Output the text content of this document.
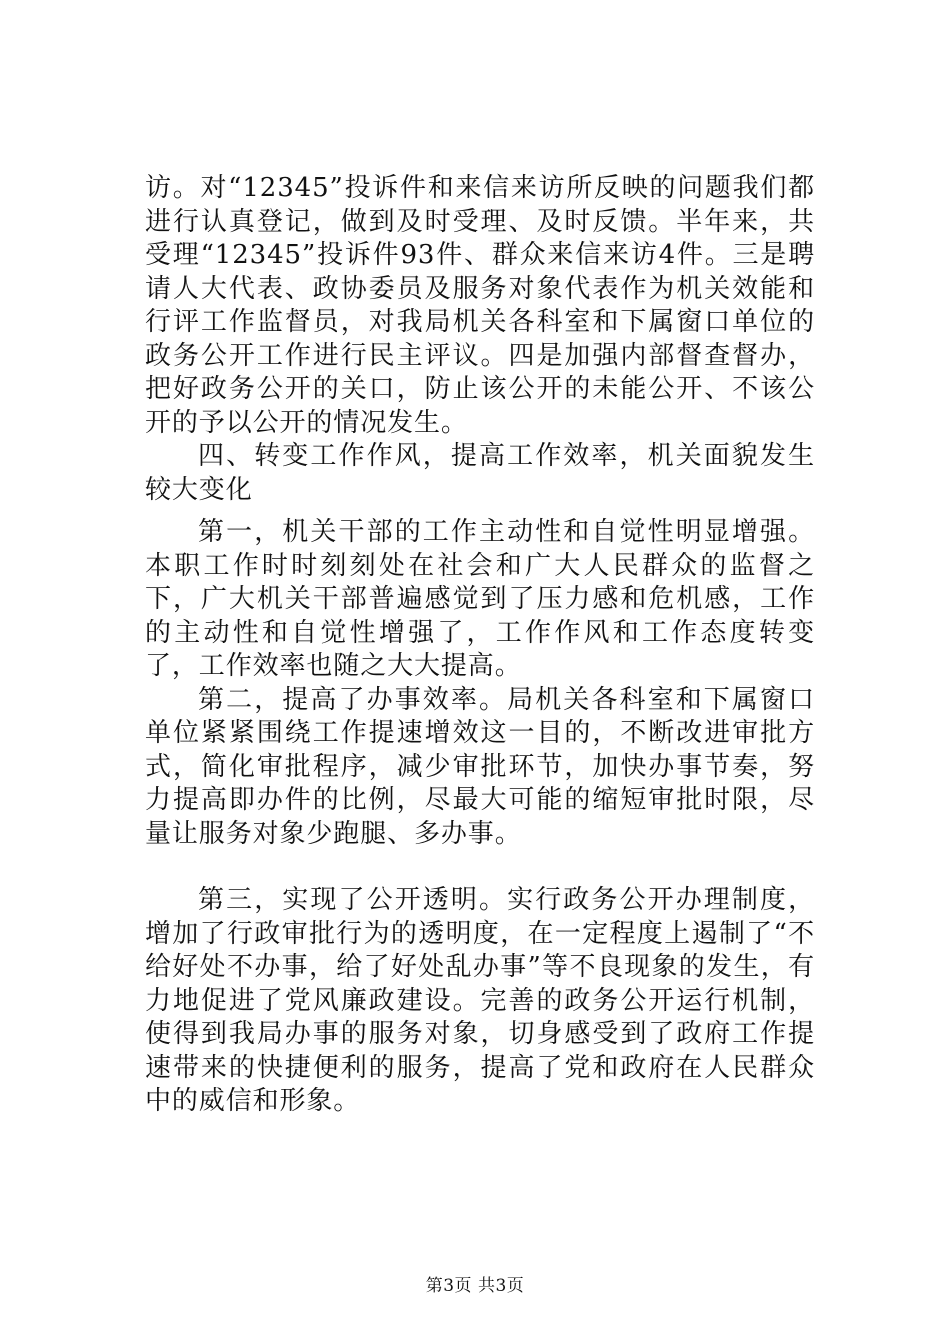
访。对“12345”投诉件和来信来访所反映的问题我们都进行认真登记，做到及时受理、及时反馈。半年来，共受理“12345”投诉件93件、群众来信来访4件。三是聘请人大代表、政协委员及服务对象代表作为机关效能和行评工作监督员，对我局机关各科室和下属窗口单位的政务公开工作进行民主评议。四是加强内部督查督办，把好政务公开的关口，防止该公开的未能公开、不该公开的予以公开的情况发生。

四、转变工作作风，提高工作效率，机关面貌发生较大变化

第一，机关干部的工作主动性和自觉性明显增强。本职工作时时刻刻处在社会和广大人民群众的监督之下，广大机关干部普遍感觉到了压力感和危机感，工作的主动性和自觉性增强了，工作作风和工作态度转变了，工作效率也随之大大提高。

第二，提高了办事效率。局机关各科室和下属窗口单位紧紧围绕工作提速增效这一目的，不断改进审批方式，简化审批程序，减少审批环节，加快办事节奏，努力提高即办件的比例，尽最大可能的缩短审批时限，尽量让服务对象少跑腿、多办事。

第三，实现了公开透明。实行政务公开办理制度，增加了行政审批行为的透明度，在一定程度上遏制了“不给好处不办事，给了好处乱办事”等不良现象的发生，有力地促进了党风廉政建设。完善的政务公开运行机制，使得到我局办事的服务对象，切身感受到了政府工作提速带来的快捷便利的服务，提高了党和政府在人民群众中的威信和形象。

第3页 共3页
